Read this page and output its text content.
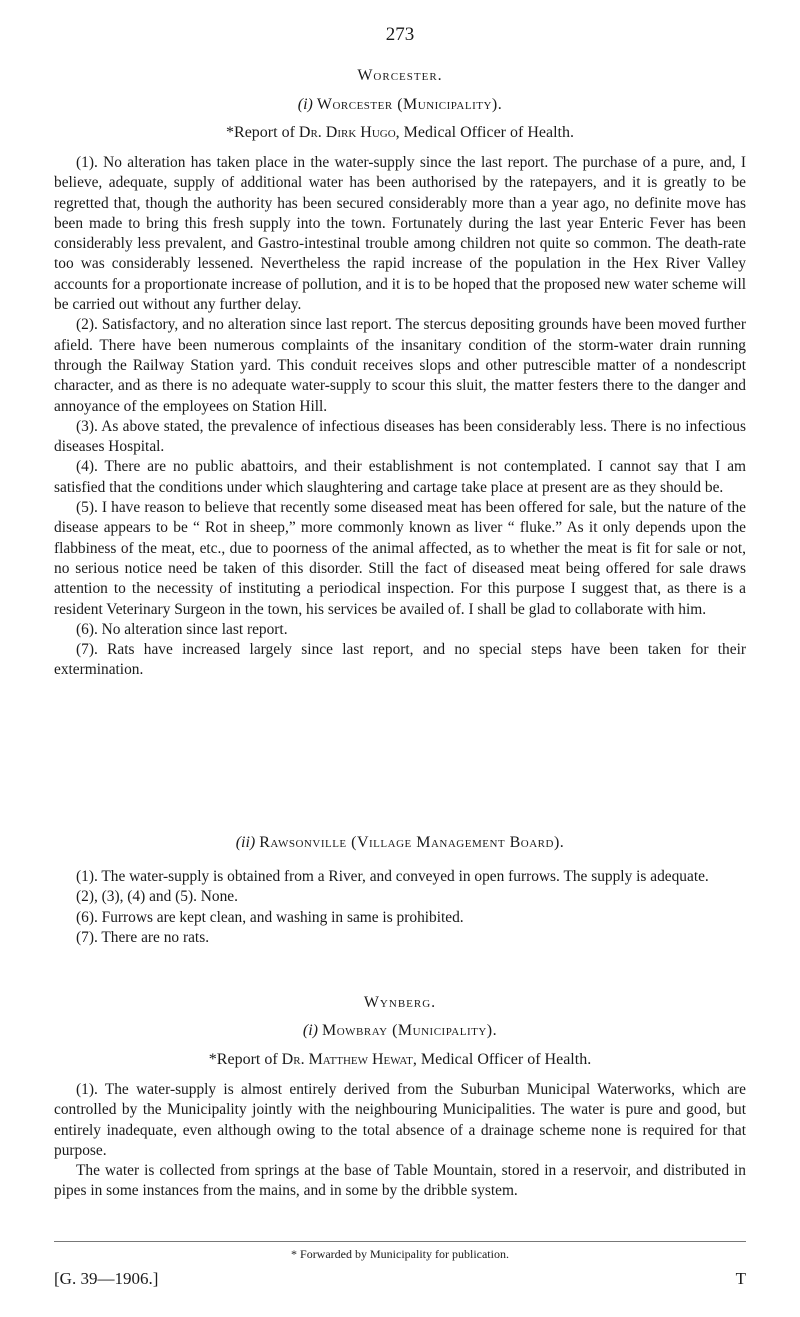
273
Worcester.
(i) Worcester (Municipality).
*Report of Dr. Dirk Hugo, Medical Officer of Health.

(1). No alteration has taken place in the water-supply since the last report. The purchase of a pure, and, I believe, adequate, supply of additional water has been authorised by the ratepayers, and it is greatly to be regretted that, though the authority has been secured considerably more than a year ago, no definite move has been made to bring this fresh supply into the town. Fortunately during the last year Enteric Fever has been considerably less prevalent, and Gastro-intestinal trouble among children not quite so common. The death-rate too was considerably lessened. Nevertheless the rapid increase of the population in the Hex River Valley accounts for a proportionate increase of pollution, and it is to be hoped that the proposed new water scheme will be carried out without any further delay.

(2). Satisfactory, and no alteration since last report. The stercus depositing grounds have been moved further afield. There have been numerous complaints of the insanitary condition of the storm-water drain running through the Railway Station yard. This conduit receives slops and other putrescible matter of a nondescript character, and as there is no adequate water-supply to scour this sluit, the matter festers there to the danger and annoyance of the employees on Station Hill.

(3). As above stated, the prevalence of infectious diseases has been considerably less. There is no infectious diseases Hospital.

(4). There are no public abattoirs, and their establishment is not contemplated. I cannot say that I am satisfied that the conditions under which slaughtering and cartage take place at present are as they should be.

(5). I have reason to believe that recently some diseased meat has been offered for sale, but the nature of the disease appears to be “ Rot in sheep,” more commonly known as liver “ fluke.” As it only depends upon the flabbiness of the meat, etc., due to poorness of the animal affected, as to whether the meat is fit for sale or not, no serious notice need be taken of this disorder. Still the fact of diseased meat being offered for sale draws attention to the necessity of instituting a periodical inspection. For this purpose I suggest that, as there is a resident Veterinary Surgeon in the town, his services be availed of. I shall be glad to collaborate with him.

(6). No alteration since last report.

(7). Rats have increased largely since last report, and no special steps have been taken for their extermination.

(ii) Rawsonville (Village Management Board).

(1). The water-supply is obtained from a River, and conveyed in open furrows. The supply is adequate.

(2), (3), (4) and (5). None.

(6). Furrows are kept clean, and washing in same is prohibited.

(7). There are no rats.

Wynberg.
(i) Mowbray (Municipality).
*Report of Dr. Matthew Hewat, Medical Officer of Health.

(1). The water-supply is almost entirely derived from the Suburban Municipal Waterworks, which are controlled by the Municipality jointly with the neighbouring Municipalities. The water is pure and good, but entirely inadequate, even although owing to the total absence of a drainage scheme none is required for that purpose.

The water is collected from springs at the base of Table Mountain, stored in a reservoir, and distributed in pipes in some instances from the mains, and in some by the dribble system.

* Forwarded by Municipality for publication.
[G. 39—1906.]	T
